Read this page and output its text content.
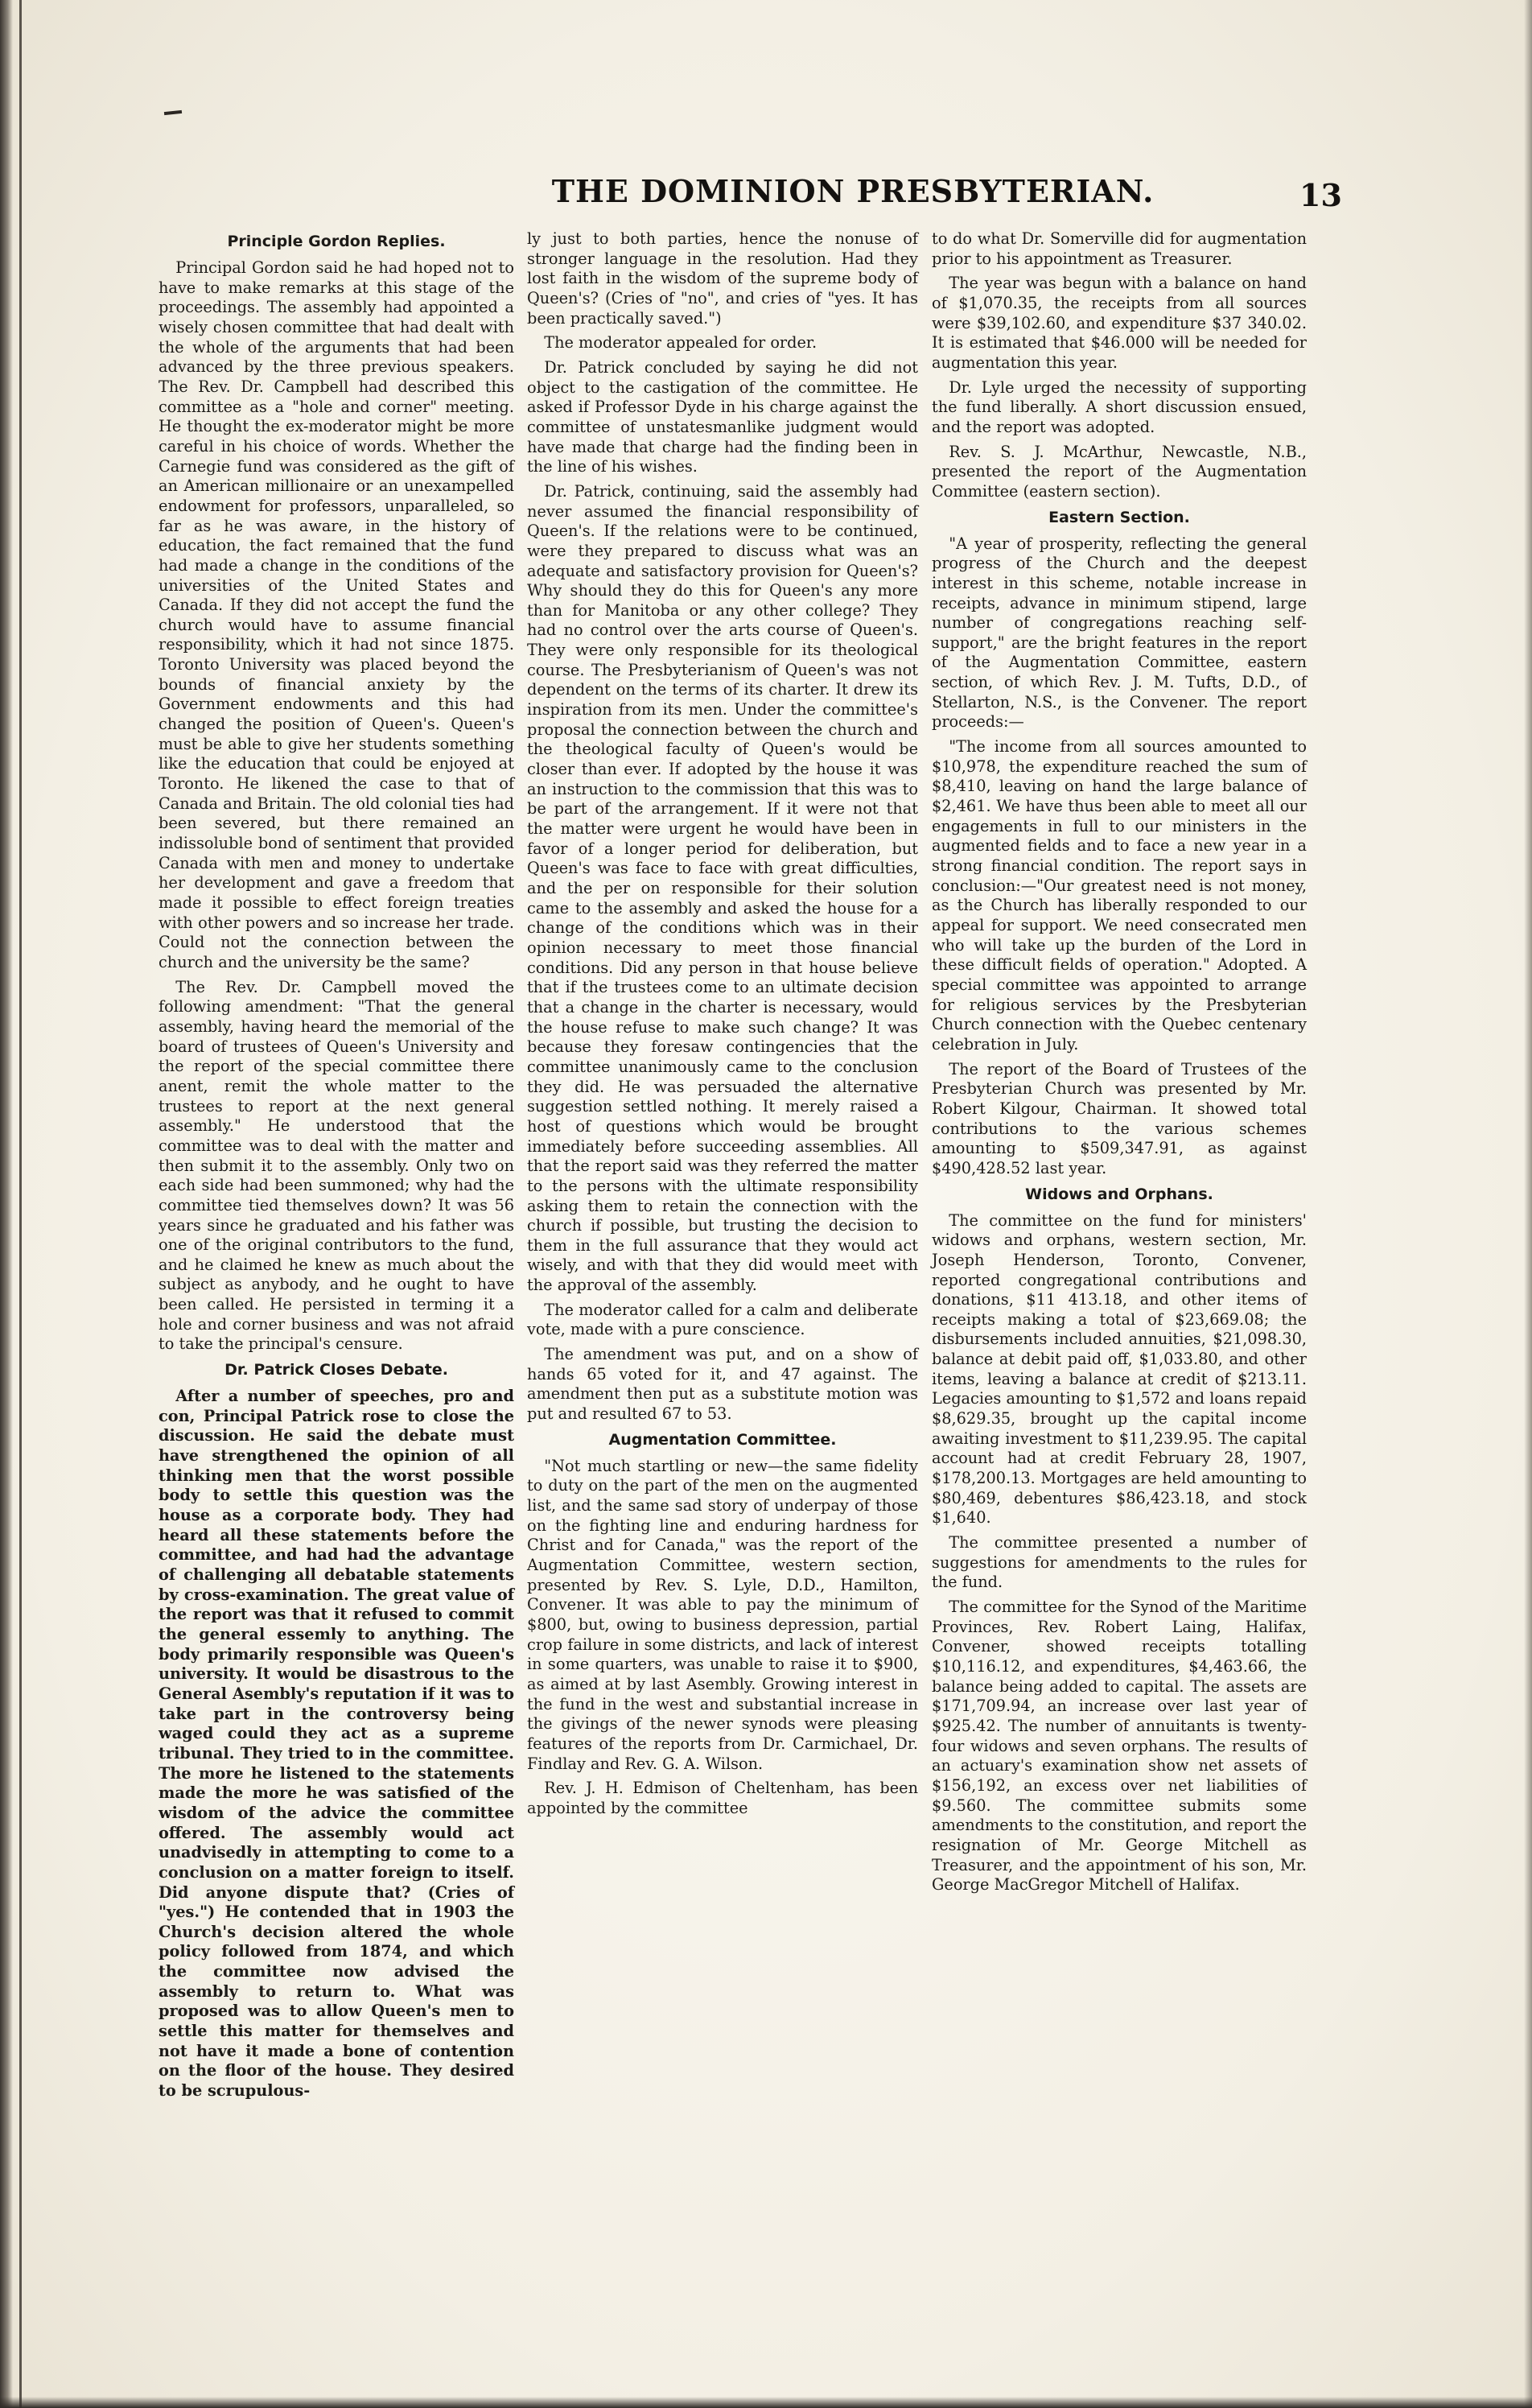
THE DOMINION PRESBYTERIAN.	13
Principle Gordon Replies.

Principal Gordon said he had hoped not to have to make remarks at this stage of the proceedings. The assembly had appointed a wisely chosen committee that had dealt with the whole of the arguments that had been advanced by the three previous speakers. The Rev. Dr. Campbell had described this committee as a "hole and corner" meeting. He thought the ex-moderator might be more careful in his choice of words. Whether the Carnegie fund was considered as the gift of an American millionaire or an unexampelled endowment for professors, unparalleled, so far as he was aware, in the history of education, the fact remained that the fund had made a change in the conditions of the universities of the United States and Canada. If they did not accept the fund the church would have to assume financial responsibility, which it had not since 1875. Toronto University was placed beyond the bounds of financial anxiety by the Government endowments and this had changed the position of Queen's. Queen's must be able to give her students something like the education that could be enjoyed at Toronto. He likened the case to that of Canada and Britain. The old colonial ties had been severed, but there remained an indissoluble bond of sentiment that provided Canada with men and money to undertake her development and gave a freedom that made it possible to effect foreign treaties with other powers and so increase her trade. Could not the connection between the church and the university be the same?

The Rev. Dr. Campbell moved the following amendment: "That the general assembly, having heard the memorial of the board of trustees of Queen's University and the report of the special committee there anent, remit the whole matter to the trustees to report at the next general assembly." He understood that the committee was to deal with the matter and then submit it to the assembly. Only two on each side had been summoned; why had the committee tied themselves down? It was 56 years since he graduated and his father was one of the original contributors to the fund, and he claimed he knew as much about the subject as anybody, and he ought to have been called. He persisted in terming it a hole and corner business and was not afraid to take the principal's censure.

Dr. Patrick Closes Debate.

After a number of speeches, pro and con, Principal Patrick rose to close the discussion. He said the debate must have strengthened the opinion of all thinking men that the worst possible body to settle this question was the house as a corporate body. They had heard all these statements before the committee, and had had the advantage of challenging all debatable statements by cross-examination. The great value of the report was that it refused to commit the general essemly to anything. The body primarily responsible was Queen's university. It would be disastrous to the General Asembly's reputation if it was to take part in the controversy being waged could they act as a supreme tribunal. They tried to in the committee. The more he listened to the statements made the more he was satisfied of the wisdom of the advice the committee offered. The assembly would act unadvisedly in attempting to come to a conclusion on a matter foreign to itself. Did anyone dispute that? (Cries of "yes.") He contended that in 1903 the Church's decision altered the whole policy followed from 1874, and which the committee now advised the assembly to return to. What was proposed was to allow Queen's men to settle this matter for themselves and not have it made a bone of contention on the floor of the house. They desired to be scrupulous-

ly just to both parties, hence the nonuse of stronger language in the resolution. Had they lost faith in the wisdom of the supreme body of Queen's? (Cries of "no", and cries of "yes. It has been practically saved.")

The moderator appealed for order.

Dr. Patrick concluded by saying he did not object to the castigation of the committee. He asked if Professor Dyde in his charge against the committee of unstatesmanlike judgment would have made that charge had the finding been in the line of his wishes.

Dr. Patrick, continuing, said the assembly had never assumed the financial responsibility of Queen's. If the relations were to be continued, were they prepared to discuss what was an adequate and satisfactory provision for Queen's? Why should they do this for Queen's any more than for Manitoba or any other college? They had no control over the arts course of Queen's. They were only responsible for its theological course. The Presbyterianism of Queen's was not dependent on the terms of its charter. It drew its inspiration from its men. Under the committee's proposal the connection between the church and the theological faculty of Queen's would be closer than ever. If adopted by the house it was an instruction to the commission that this was to be part of the arrangement. If it were not that the matter were urgent he would have been in favor of a longer period for deliberation, but Queen's was face to face with great difficulties, and the per on responsible for their solution came to the assembly and asked the house for a change of the conditions which was in their opinion necessary to meet those financial conditions. Did any person in that house believe that if the trustees come to an ultimate decision that a change in the charter is necessary, would the house refuse to make such change? It was because they foresaw contingencies that the committee unanimously came to the conclusion they did. He was persuaded the alternative suggestion settled nothing. It merely raised a host of questions which would be brought immediately before succeeding assemblies. All that the report said was they referred the matter to the persons with the ultimate responsibility asking them to retain the connection with the church if possible, but trusting the decision to them in the full assurance that they would act wisely, and with that they did would meet with the approval of the assembly.

The moderator called for a calm and deliberate vote, made with a pure conscience.

The amendment was put, and on a show of hands 65 voted for it, and 47 against. The amendment then put as a substitute motion was put and resulted 67 to 53.

Augmentation Committee.

"Not much startling or new—the same fidelity to duty on the part of the men on the augmented list, and the same sad story of underpay of those on the fighting line and enduring hardness for Christ and for Canada," was the report of the Augmentation Committee, western section, presented by Rev. S. Lyle, D.D., Hamilton, Convener. It was able to pay the minimum of $800, but, owing to business depression, partial crop failure in some districts, and lack of interest in some quarters, was unable to raise it to $900, as aimed at by last Asembly. Growing interest in the fund in the west and substantial increase in the givings of the newer synods were pleasing features of the reports from Dr. Carmichael, Dr. Findlay and Rev. G. A. Wilson.

Rev. J. H. Edmison of Cheltenham, has been appointed by the committee

to do what Dr. Somerville did for augmentation prior to his appointment as Treasurer.

The year was begun with a balance on hand of $1,070.35, the receipts from all sources were $39,102.60, and expenditure $37 340.02. It is estimated that $46.000 will be needed for augmentation this year.

Dr. Lyle urged the necessity of supporting the fund liberally. A short discussion ensued, and the report was adopted.

Rev. S. J. McArthur, Newcastle, N.B., presented the report of the Augmentation Committee (eastern section).

Eastern Section.

"A year of prosperity, reflecting the general progress of the Church and the deepest interest in this scheme, notable increase in receipts, advance in minimum stipend, large number of congregations reaching self-support," are the bright features in the report of the Augmentation Committee, eastern section, of which Rev. J. M. Tufts, D.D., of Stellarton, N.S., is the Convener. The report proceeds:—

"The income from all sources amounted to $10,978, the expenditure reached the sum of $8,410, leaving on hand the large balance of $2,461. We have thus been able to meet all our engagements in full to our ministers in the augmented fields and to face a new year in a strong financial condition. The report says in conclusion:—"Our greatest need is not money, as the Church has liberally responded to our appeal for support. We need consecrated men who will take up the burden of the Lord in these difficult fields of operation." Adopted. A special committee was appointed to arrange for religious services by the Presbyterian Church connection with the Quebec centenary celebration in July.

The report of the Board of Trustees of the Presbyterian Church was presented by Mr. Robert Kilgour, Chairman. It showed total contributions to the various schemes amounting to $509,347.91, as against $490,428.52 last year.

Widows and Orphans.

The committee on the fund for ministers' widows and orphans, western section, Mr. Joseph Henderson, Toronto, Convener, reported congregational contributions and donations, $11 413.18, and other items of receipts making a total of $23,669.08; the disbursements included annuities, $21,098.30, balance at debit paid off, $1,033.80, and other items, leaving a balance at credit of $213.11. Legacies amounting to $1,572 and loans repaid $8,629.35, brought up the capital income awaiting investment to $11,239.95. The capital account had at credit February 28, 1907, $178,200.13. Mortgages are held amounting to $80,469, debentures $86,423.18, and stock $1,640.

The committee presented a number of suggestions for amendments to the rules for the fund.

The committee for the Synod of the Maritime Provinces, Rev. Robert Laing, Halifax, Convener, showed receipts totalling $10,116.12, and expenditures, $4,463.66, the balance being added to capital. The assets are $171,709.94, an increase over last year of $925.42. The number of annuitants is twenty-four widows and seven orphans. The results of an actuary's examination show net assets of $156,192, an excess over net liabilities of $9.560. The committee submits some amendments to the constitution, and report the resignation of Mr. George Mitchell as Treasurer, and the appointment of his son, Mr. George MacGregor Mitchell of Halifax.
